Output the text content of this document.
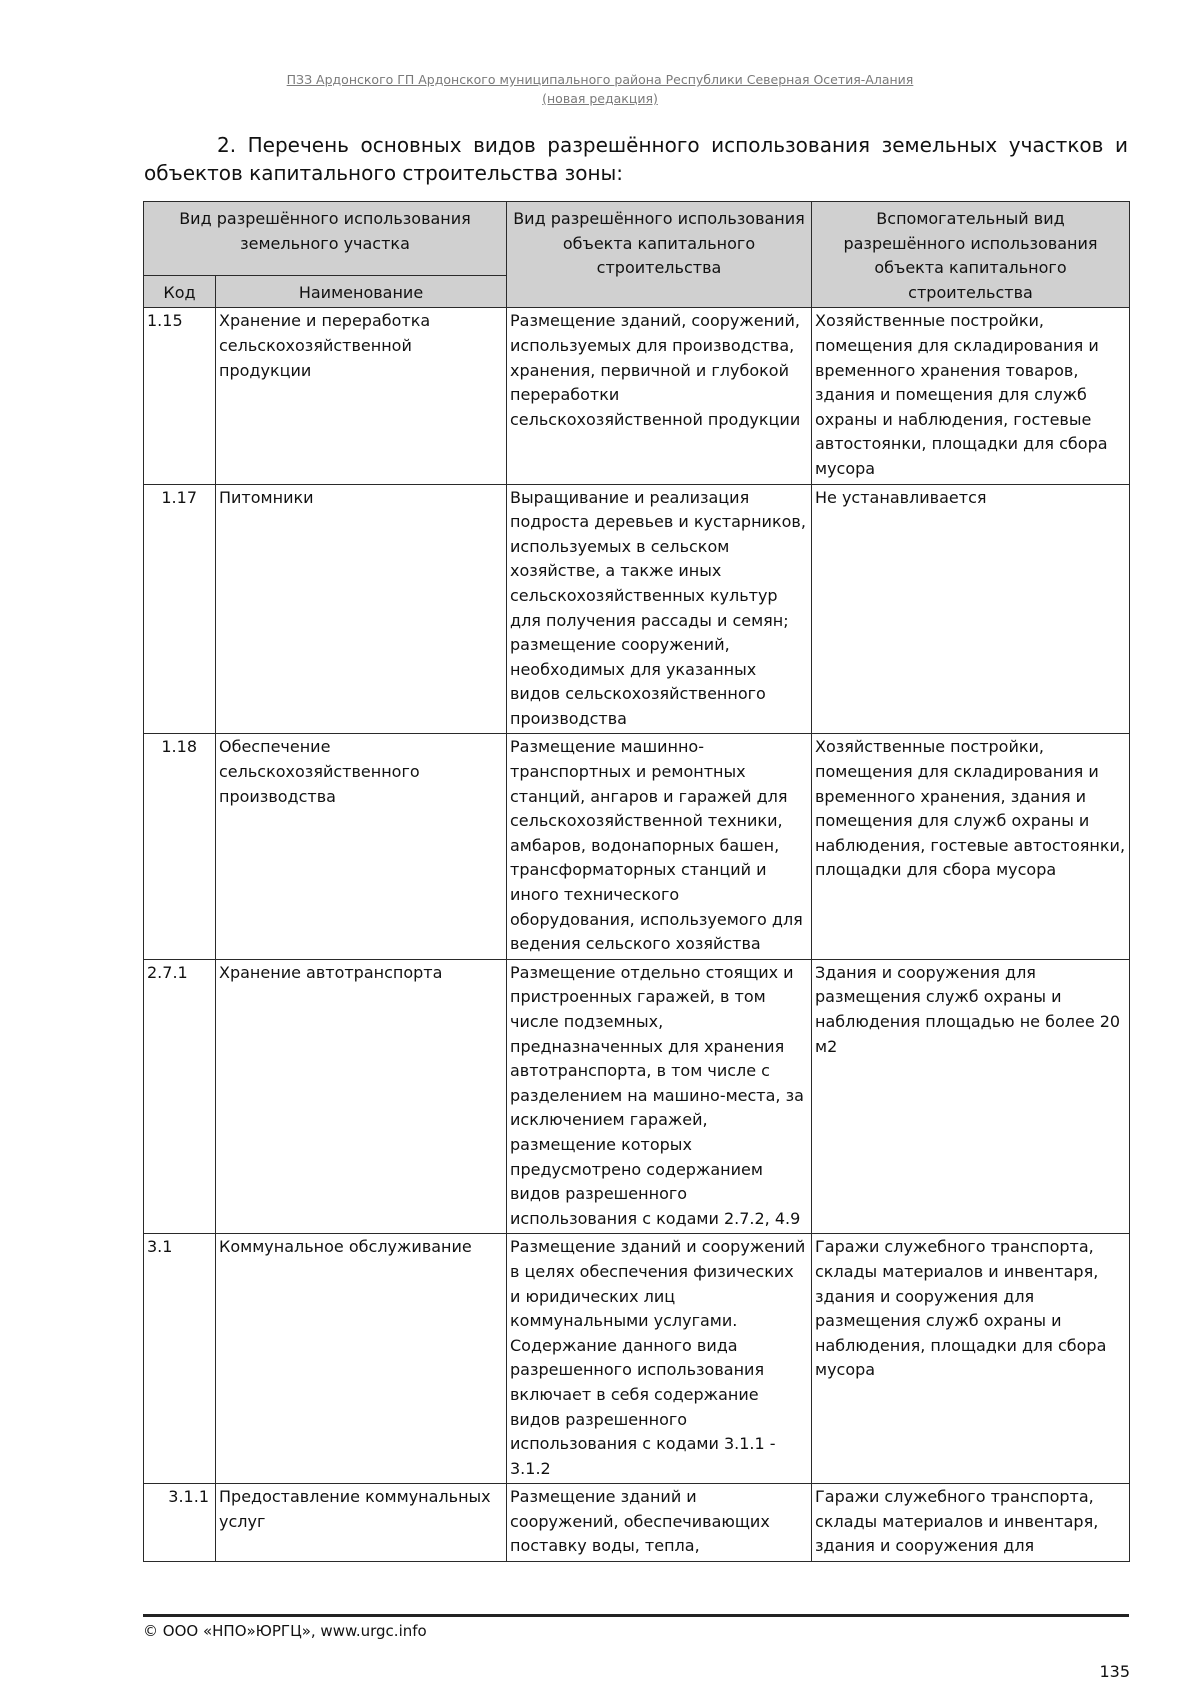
ПЗЗ Ардонского ГП Ардонского муниципального района Республики Северная Осетия-Алания
(новая редакция)
2. Перечень основных видов разрешённого использования земельных участков и объектов капитального строительства зоны:
Вид разрешённого использования земельного участка		Вид разрешённого использования объекта капитального строительства	Вспомогательный вид разрешённого использования объекта капитального строительства
Код	Наименование		
1.15	Хранение и переработка сельскохозяйственной продукции	Размещение зданий, сооружений, используемых для производства, хранения, первичной и глубокой переработки сельскохозяйственной продукции	Хозяйственные постройки, помещения для складирования и временного хранения товаров, здания и помещения для служб охраны и наблюдения, гостевые автостоянки, площадки для сбора мусора
1.17	Питомники	Выращивание и реализация подроста деревьев и кустарников, используемых в сельском хозяйстве, а также иных сельскохозяйственных культур для получения рассады и семян; размещение сооружений, необходимых для указанных видов сельскохозяйственного производства	Не устанавливается
1.18	Обеспечение сельскохозяйственного производства	Размещение машинно-транспортных и ремонтных станций, ангаров и гаражей для сельскохозяйственной техники, амбаров, водонапорных башен, трансформаторных станций и иного технического оборудования, используемого для ведения сельского хозяйства	Хозяйственные постройки, помещения для складирования и временного хранения, здания и помещения для служб охраны и наблюдения, гостевые автостоянки, площадки для сбора мусора
2.7.1	Хранение автотранспорта	Размещение отдельно стоящих и пристроенных гаражей, в том числе подземных, предназначенных для хранения автотранспорта, в том числе с разделением на машино-места, за исключением гаражей, размещение которых предусмотрено содержанием видов разрешенного использования с кодами 2.7.2, 4.9	Здания и сооружения для размещения служб охраны и наблюдения площадью не более 20 м2
3.1	Коммунальное обслуживание	Размещение зданий и сооружений в целях обеспечения физических и юридических лиц коммунальными услугами. Содержание данного вида разрешенного использования включает в себя содержание видов разрешенного использования с кодами 3.1.1 - 3.1.2	Гаражи служебного транспорта, склады материалов и инвентаря, здания и сооружения для размещения служб охраны и наблюдения, площадки для сбора мусора
3.1.1	Предоставление коммунальных услуг	Размещение зданий и сооружений, обеспечивающих поставку воды, тепла,	Гаражи служебного транспорта, склады материалов и инвентаря, здания и сооружения для
© ООО «НПО»ЮРГЦ», www.urgc.info
135
